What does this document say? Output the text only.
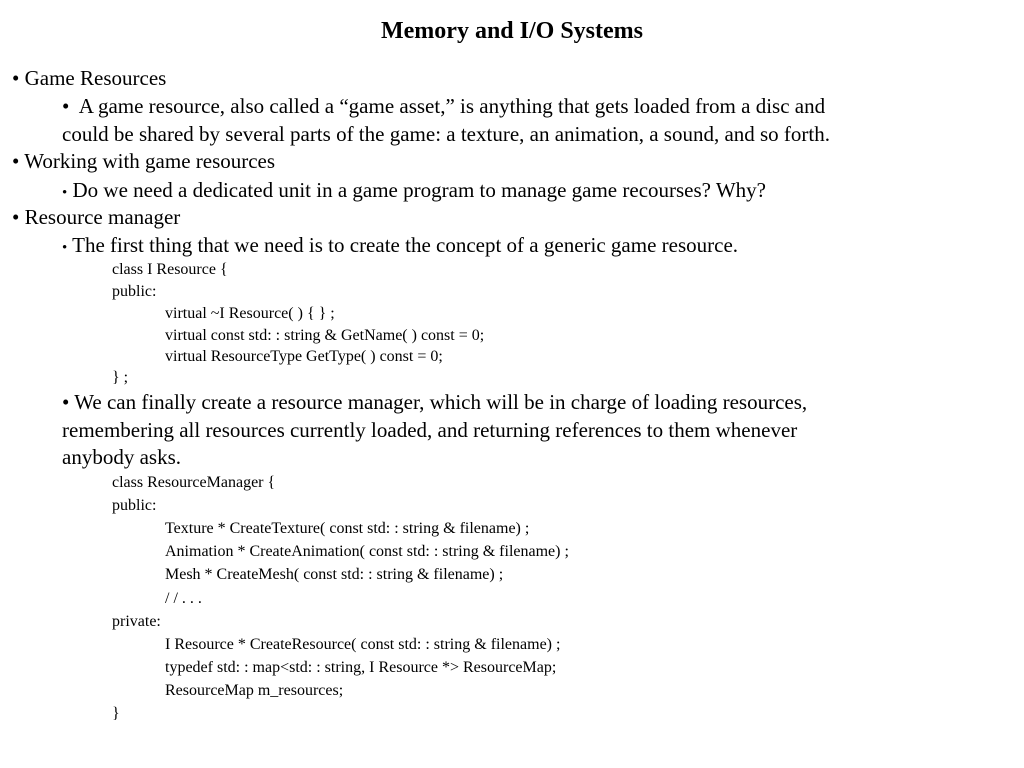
Memory and I/O Systems
• Game Resources
• A game resource, also called a “game asset,” is anything that gets loaded from a disc and
could be shared by several parts of the game: a texture, an animation, a sound, and so forth.
• Working with game resources
• Do we need a dedicated unit in a game program to manage game recourses? Why?
• Resource manager
• The first thing that we need is to create the concept of a generic game resource.
class I Resource {
public:
virtual ~I Resource( ) { } ;
virtual const std: : string & GetName( ) const = 0;
virtual ResourceType GetType( ) const = 0;
} ;
• We can finally create a resource manager, which will be in charge of loading resources,
remembering all resources currently loaded, and returning references to them whenever
anybody asks.
class ResourceManager {
public:
Texture * CreateTexture( const std: : string & filename) ;
Animation * CreateAnimation( const std: : string & filename) ;
Mesh * CreateMesh( const std: : string & filename) ;
/ / . . .
private:
I Resource * CreateResource( const std: : string & filename) ;
typedef std: : map<std: : string, I Resource *> ResourceMap;
ResourceMap m_resources;
}
